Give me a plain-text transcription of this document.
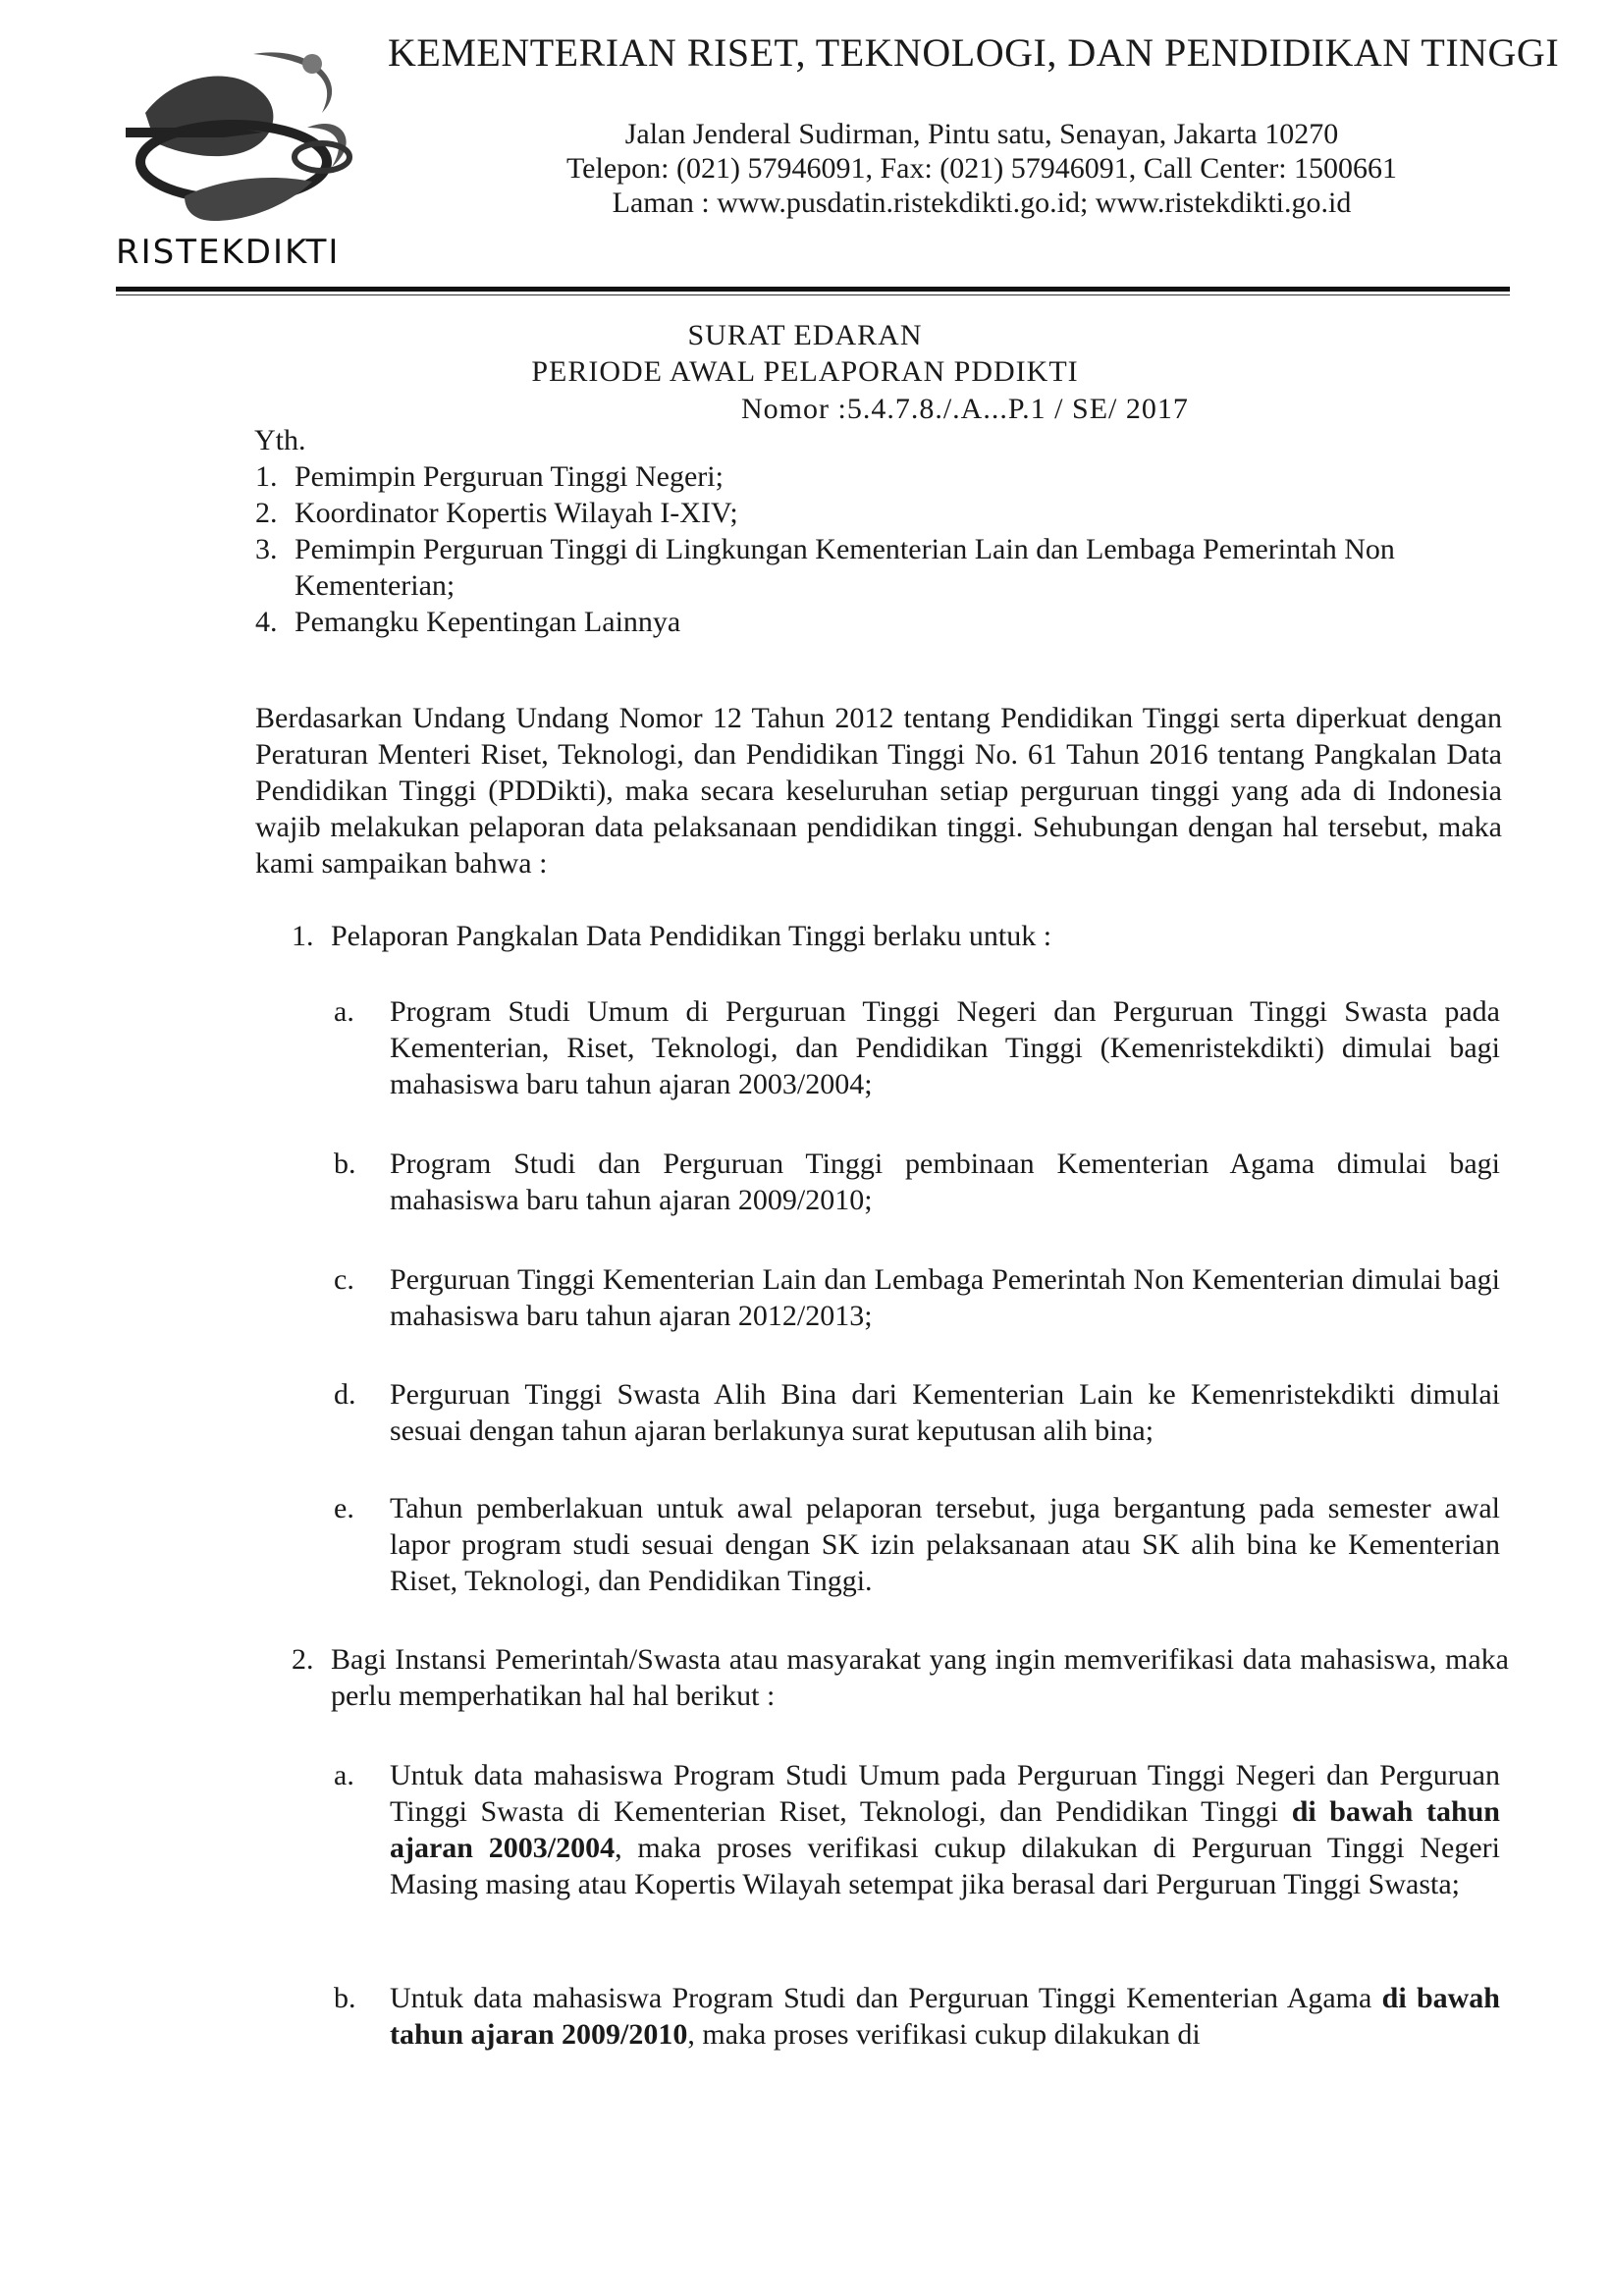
RISTEKDIKTI
KEMENTERIAN RISET, TEKNOLOGI, DAN PENDIDIKAN TINGGI
Jalan Jenderal Sudirman, Pintu satu, Senayan, Jakarta 10270
Telepon: (021) 57946091, Fax: (021) 57946091, Call Center: 1500661
Laman : www.pusdatin.ristekdikti.go.id; www.ristekdikti.go.id
SURAT EDARAN
PERIODE AWAL PELAPORAN PDDIKTI
Nomor :5.4.7.8./.A...P.1 / SE/ 2017
Yth.
1. Pemimpin Perguruan Tinggi Negeri;
2. Koordinator Kopertis Wilayah I-XIV;
3. Pemimpin Perguruan Tinggi di Lingkungan Kementerian Lain dan Lembaga Pemerintah Non Kementerian;
4. Pemangku Kepentingan Lainnya
Berdasarkan Undang Undang Nomor 12 Tahun 2012 tentang Pendidikan Tinggi serta diperkuat dengan Peraturan Menteri Riset, Teknologi, dan Pendidikan Tinggi No. 61 Tahun 2016 tentang Pangkalan Data Pendidikan Tinggi (PDDikti), maka secara keseluruhan setiap perguruan tinggi yang ada di Indonesia wajib melakukan pelaporan data pelaksanaan pendidikan tinggi. Sehubungan dengan hal tersebut, maka kami sampaikan bahwa :
1. Pelaporan Pangkalan Data Pendidikan Tinggi berlaku untuk :
a. Program Studi Umum di Perguruan Tinggi Negeri dan Perguruan Tinggi Swasta pada Kementerian, Riset, Teknologi, dan Pendidikan Tinggi (Kemenristekdikti) dimulai bagi mahasiswa baru tahun ajaran 2003/2004;
b. Program Studi dan Perguruan Tinggi pembinaan Kementerian Agama dimulai bagi mahasiswa baru tahun ajaran 2009/2010;
c. Perguruan Tinggi Kementerian Lain dan Lembaga Pemerintah Non Kementerian dimulai bagi mahasiswa baru tahun ajaran 2012/2013;
d. Perguruan Tinggi Swasta Alih Bina dari Kementerian Lain ke Kemenristekdikti dimulai sesuai dengan tahun ajaran berlakunya surat keputusan alih bina;
e. Tahun pemberlakuan untuk awal pelaporan tersebut, juga bergantung pada semester awal lapor program studi sesuai dengan SK izin pelaksanaan atau SK alih bina ke Kementerian Riset, Teknologi, dan Pendidikan Tinggi.
2. Bagi Instansi Pemerintah/Swasta atau masyarakat yang ingin memverifikasi data mahasiswa, maka perlu memperhatikan hal hal berikut :
a. Untuk data mahasiswa Program Studi Umum pada Perguruan Tinggi Negeri dan Perguruan Tinggi Swasta di Kementerian Riset, Teknologi, dan Pendidikan Tinggi di bawah tahun ajaran 2003/2004, maka proses verifikasi cukup dilakukan di Perguruan Tinggi Negeri Masing masing atau Kopertis Wilayah setempat jika berasal dari Perguruan Tinggi Swasta;
b. Untuk data mahasiswa Program Studi dan Perguruan Tinggi Kementerian Agama di bawah tahun ajaran 2009/2010, maka proses verifikasi cukup dilakukan di
